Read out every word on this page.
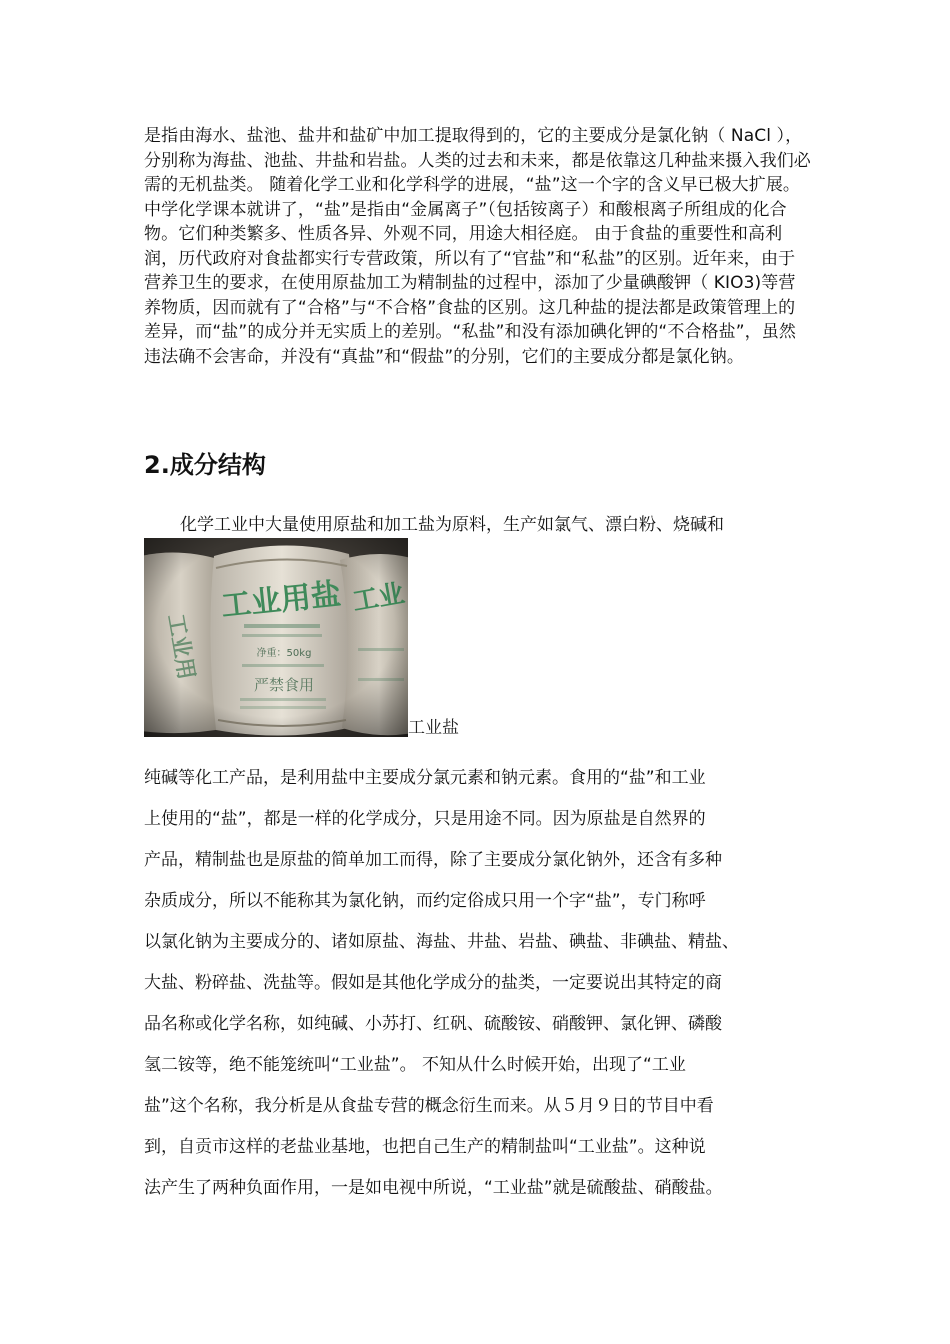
是指由海水、盐池、盐井和盐矿中加工提取得到的，它的主要成分是氯化钠（ NaCl ），分别称为海盐、池盐、井盐和岩盐。人类的过去和未来，都是依靠这几种盐来摄入我们必需的无机盐类。 随着化学工业和化学科学的进展，“盐”这一个字的含义早已极大扩展。中学化学课本就讲了，“盐”是指由“金属离子”（包括铵离子）和酸根离子所组成的化合物。它们种类繁多、性质各异、外观不同，用途大相径庭。 由于食盐的重要性和高利润，历代政府对食盐都实行专营政策，所以有了“官盐”和“私盐”的区别。近年来，由于营养卫生的要求，在使用原盐加工为精制盐的过程中，添加了少量碘酸钾（ KIO3)等营养物质，因而就有了“合格”与“不合格”食盐的区别。这几种盐的提法都是政策管理上的差异，而“盐”的成分并无实质上的差别。“私盐”和没有添加碘化钾的“不合格盐”，虽然违法确不会害命，并没有“真盐”和“假盐”的分别，它们的主要成分都是氯化钠。

2.成分结构

化学工业中大量使用原盐和加工盐为原料，生产如氯气、漂白粉、烧碱和

工业盐
纯碱等化工产品，是利用盐中主要成分氯元素和钠元素。食用的“盐”和工业
上使用的“盐”，都是一样的化学成分，只是用途不同。因为原盐是自然界的
产品，精制盐也是原盐的简单加工而得，除了主要成分氯化钠外，还含有多种
杂质成分，所以不能称其为氯化钠，而约定俗成只用一个字“盐”，专门称呼
以氯化钠为主要成分的、诸如原盐、海盐、井盐、岩盐、碘盐、非碘盐、精盐、
大盐、粉碎盐、洗盐等。假如是其他化学成分的盐类，一定要说出其特定的商
品名称或化学名称，如纯碱、小苏打、红矾、硫酸铵、硝酸钾、氯化钾、磷酸
氢二铵等，绝不能笼统叫“工业盐”。 不知从什么时候开始，出现了“工业
盐”这个名称，我分析是从食盐专营的概念衍生而来。从５月９日的节目中看
到，自贡市这样的老盐业基地，也把自己生产的精制盐叫“工业盐”。这种说
法产生了两种负面作用，一是如电视中所说，“工业盐”就是硫酸盐、硝酸盐。
